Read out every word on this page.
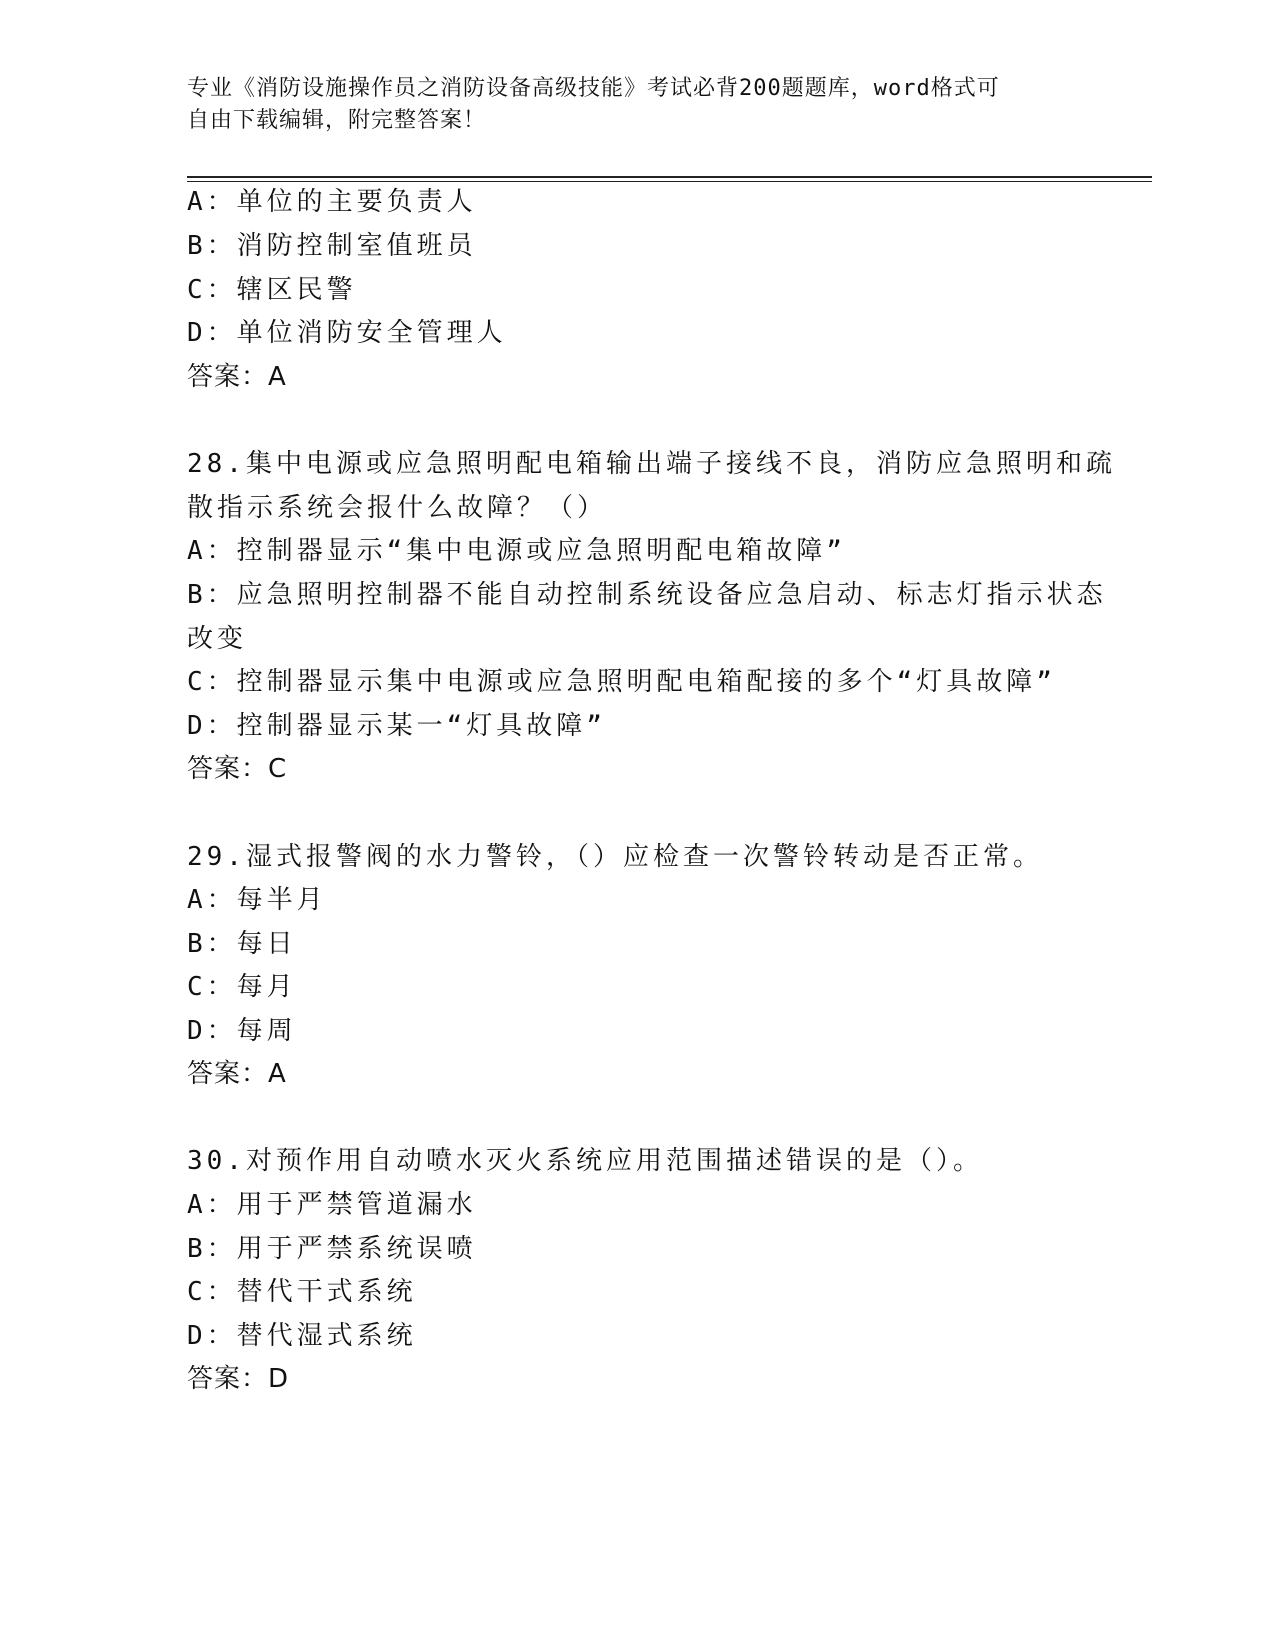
专业《消防设施操作员之消防设备高级技能》考试必背200题题库，word格式可
自由下载编辑，附完整答案！
A：单位的主要负责人
B：消防控制室值班员
C：辖区民警
D：单位消防安全管理人
答案：A
28.集中电源或应急照明配电箱输出端子接线不良，消防应急照明和疏
散指示系统会报什么故障？（）
A：控制器显示“集中电源或应急照明配电箱故障”
B：应急照明控制器不能自动控制系统设备应急启动、标志灯指示状态
改变
C：控制器显示集中电源或应急照明配电箱配接的多个“灯具故障”
D：控制器显示某一“灯具故障”
答案：C
29.湿式报警阀的水力警铃，（）应检查一次警铃转动是否正常。
A：每半月
B：每日
C：每月
D：每周
答案：A
30.对预作用自动喷水灭火系统应用范围描述错误的是（）。
A：用于严禁管道漏水
B：用于严禁系统误喷
C：替代干式系统
D：替代湿式系统
答案：D
